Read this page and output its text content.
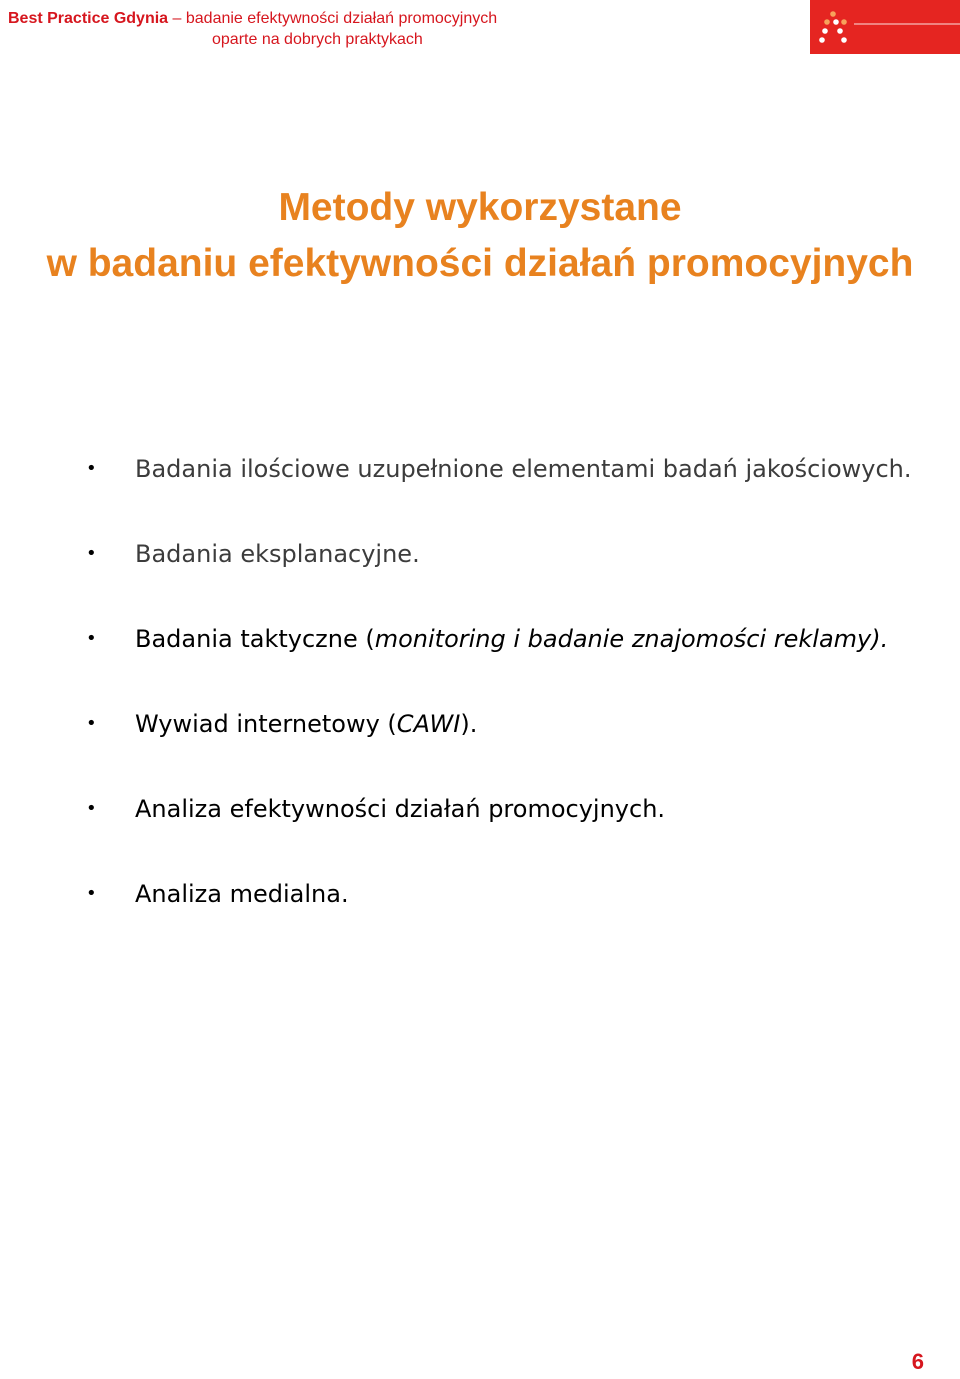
Best Practice Gdynia – badanie efektywności działań promocyjnych
oparte na dobrych praktykach
Metody wykorzystane
w badaniu efektywności działań promocyjnych
• Badania ilościowe uzupełnione elementami badań jakościowych.
• Badania eksplanacyjne.
• Badania taktyczne (monitoring i badanie znajomości reklamy).
• Wywiad internetowy (CAWI).
• Analiza efektywności działań promocyjnych.
• Analiza medialna.
6
